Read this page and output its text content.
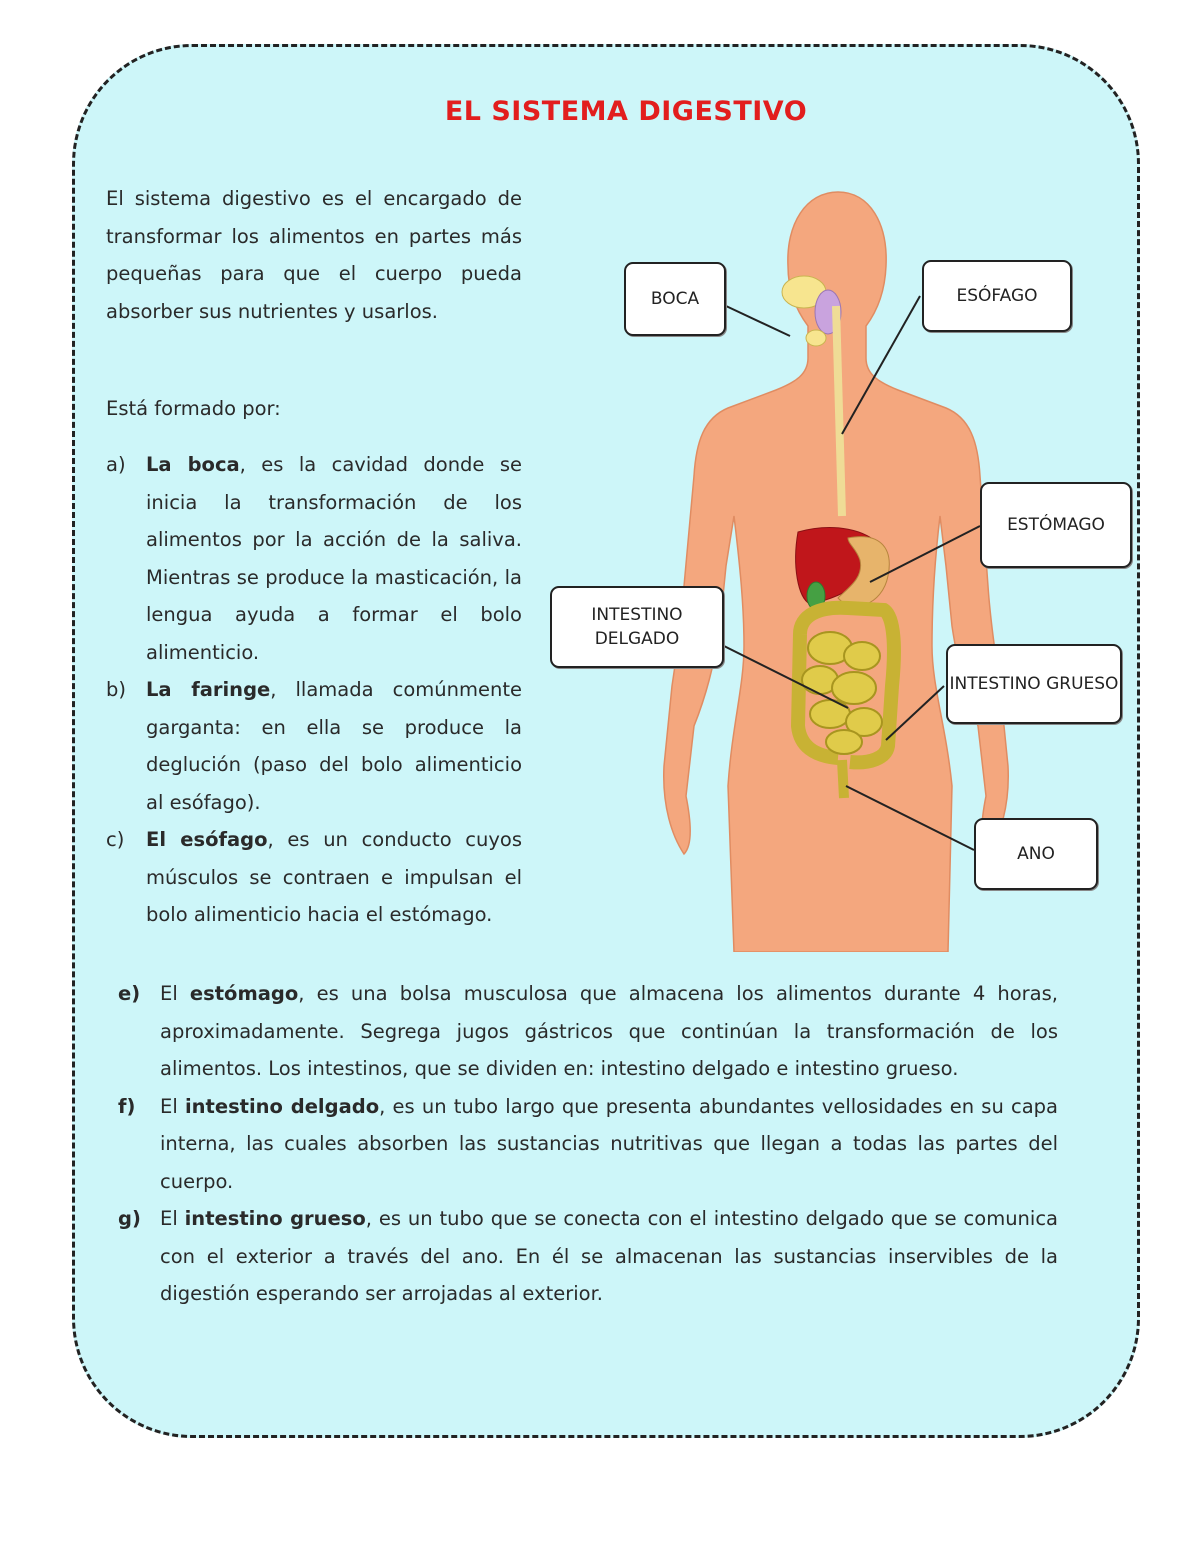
EL SISTEMA DIGESTIVO

El sistema digestivo es el encargado de transformar los alimentos en partes más pequeñas para que el cuerpo pueda absorber sus nutrientes y usarlos.

Está formado por:

a) La boca, es la cavidad donde se inicia la transformación de los alimentos por la acción de la saliva. Mientras se produce la masticación, la lengua ayuda a formar el bolo alimenticio.
b) La faringe, llamada comúnmente garganta: en ella se produce la deglución (paso del bolo alimenticio al esófago).
c) El esófago, es un conducto cuyos músculos se contraen e impulsan el bolo alimenticio hacia el estómago.
e) El estómago, es una bolsa musculosa que almacena los alimentos durante 4 horas, aproximadamente. Segrega jugos gástricos que continúan la transformación de los alimentos. Los intestinos, que se dividen en: intestino delgado e intestino grueso.
f) El intestino delgado, es un tubo largo que presenta abundantes vellosidades en su capa interna, las cuales absorben las sustancias nutritivas que llegan a todas las partes del cuerpo.
g) El intestino grueso, es un tubo que se conecta con el intestino delgado que se comunica con el exterior a través del ano. En él se almacenan las sustancias inservibles de la digestión esperando ser arrojadas al exterior.
BOCA	ESÓFAGO
ESTÓMAGO
INTESTINO DELGADO
INTESTINO GRUESO
ANO
